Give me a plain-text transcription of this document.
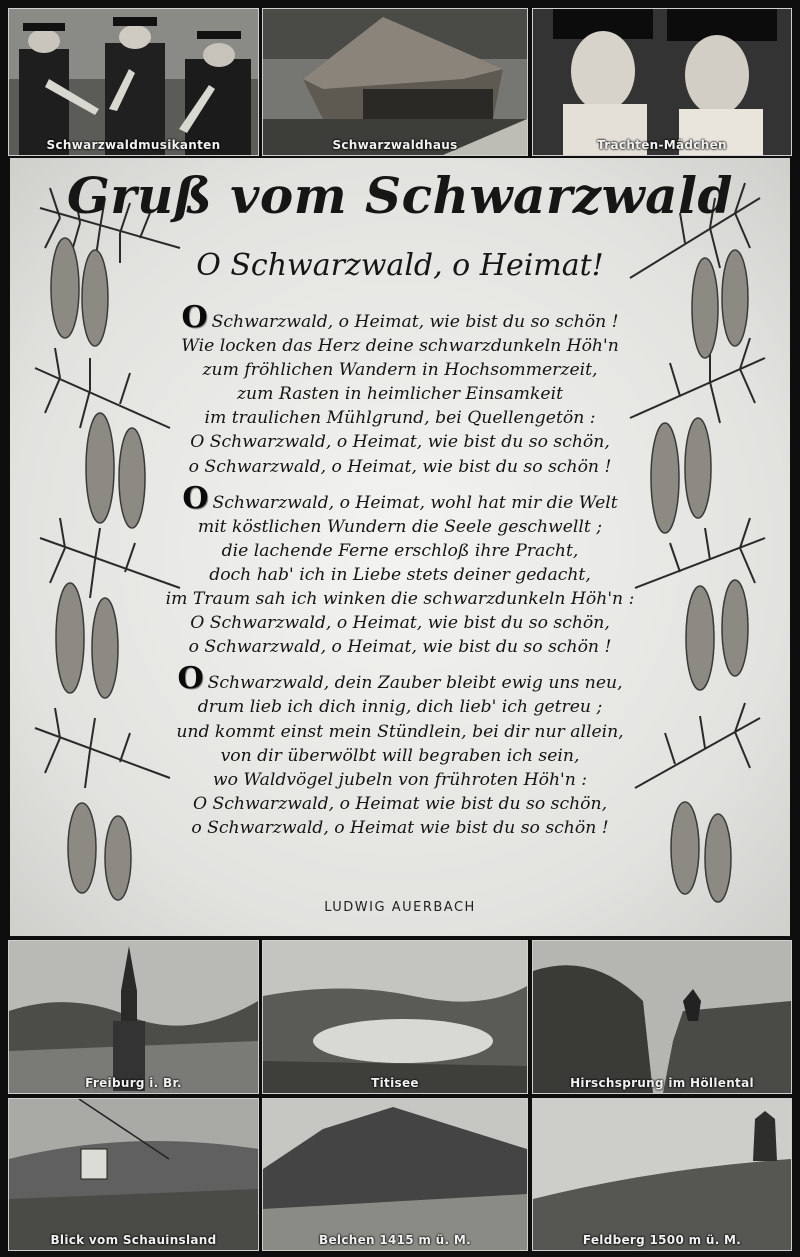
Schwarzwaldmusikanten	Schwarzwaldhaus	Trachten-Mädchen
Gruß vom Schwarzwald
O Schwarzwald, o Heimat!
O Schwarzwald, o Heimat, wie bist du so schön !
Wie locken das Herz deine schwarzdunkeln Höh'n
zum fröhlichen Wandern in Hochsommerzeit,
zum Rasten in heimlicher Einsamkeit
im traulichen Mühlgrund, bei Quellengetön :
O Schwarzwald, o Heimat, wie bist du so schön,
o Schwarzwald, o Heimat, wie bist du so schön !
O Schwarzwald, o Heimat, wohl hat mir die Welt
mit köstlichen Wundern die Seele geschwellt ;
die lachende Ferne erschloß ihre Pracht,
doch hab' ich in Liebe stets deiner gedacht,
im Traum sah ich winken die schwarzdunkeln Höh'n :
O Schwarzwald, o Heimat, wie bist du so schön,
o Schwarzwald, o Heimat, wie bist du so schön !
O Schwarzwald, dein Zauber bleibt ewig uns neu,
drum lieb ich dich innig, dich lieb' ich getreu ;
und kommt einst mein Stündlein, bei dir nur allein,
von dir überwölbt will begraben ich sein,
wo Waldvögel jubeln von frühroten Höh'n :
O Schwarzwald, o Heimat wie bist du so schön,
o Schwarzwald, o Heimat wie bist du so schön !
LUDWIG AUERBACH
Freiburg i. Br.	Titisee	Hirschsprung im Höllental
Blick vom Schauinsland	Belchen 1415 m ü. M.	Feldberg 1500 m ü. M.
